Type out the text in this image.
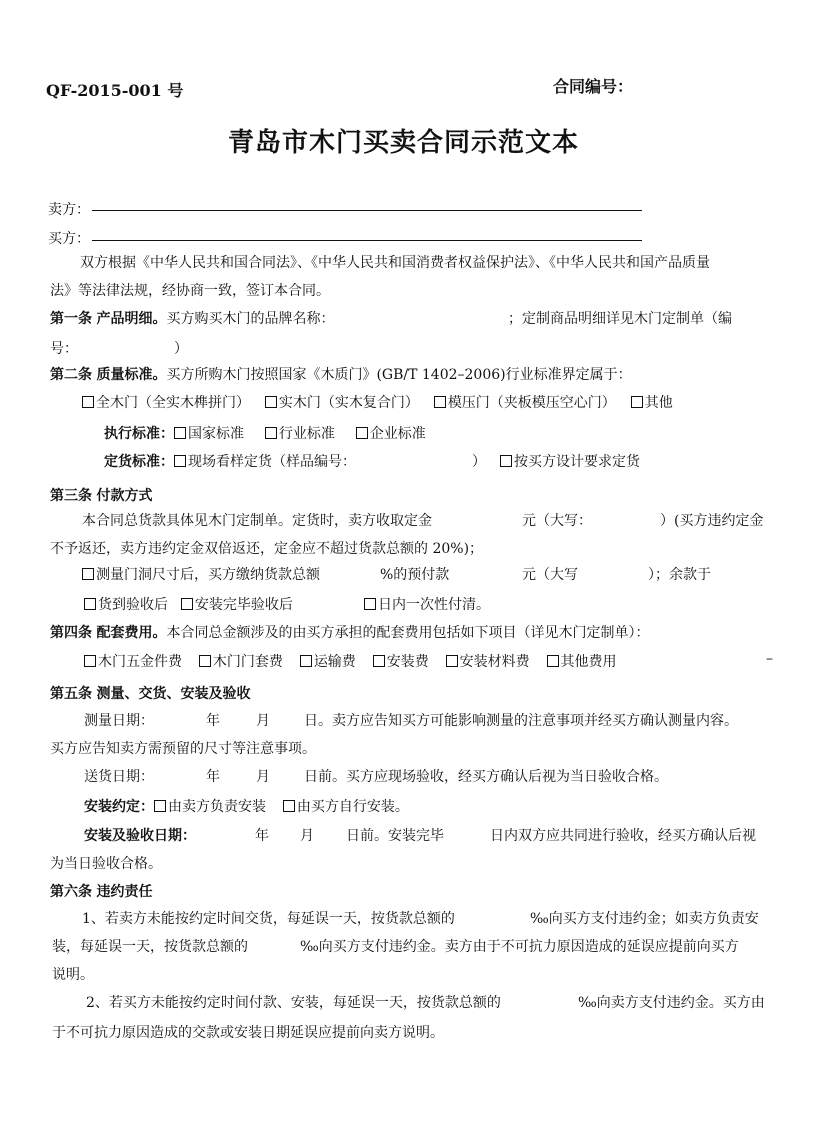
QF-2015-001 号	合同编号：
青岛市木门买卖合同示范文本
卖方：
买方：
双方根据《中华人民共和国合同法》、《中华人民共和国消费者权益保护法》、《中华人民共和国产品质量
法》等法律法规，经协商一致，签订本合同。
第一条 产品明细。买方购买木门的品牌名称：	；定制商品明细详见木门定制单（编
号：	）
第二条 质量标准。买方所购木门按照国家《木质门》(GB/T 1402–2006)行业标准界定属于：
全木门（全实木榫拼门） 实木门（实木复合门） 模压门（夹板模压空心门） 其他
执行标准： 国家标准 行业标准 企业标准
定货标准： 现场看样定货（样品编号：	）	按买方设计要求定货
第三条 付款方式
本合同总货款具体见木门定制单。定货时，卖方收取定金	元（大写：	）(买方违约定金
不予返还，卖方违约定金双倍返还，定金应不超过货款总额的 20%)；
测量门洞尺寸后，买方缴纳货款总额	%的预付款	元（大写	）；余款于
货到验收后 安装完毕验收后	日内一次性付清。
第四条 配套费用。本合同总金额涉及的由买方承担的配套费用包括如下项目（详见木门定制单）：
木门五金件费 木门门套费 运输费 安装费 安装材料费 其他费用	–
第五条 测量、交货、安装及验收
测量日期：	年	月 日。卖方应告知买方可能影响测量的注意事项并经买方确认测量内容。
买方应告知卖方需预留的尺寸等注意事项。
送货日期：	年	月 日前。买方应现场验收，经买方确认后视为当日验收合格。
安装约定： 由卖方负责安装 由买方自行安装。
安装及验收日期：	年 月 日前。安装完毕	日内双方应共同进行验收，经买方确认后视
为当日验收合格。
第六条 违约责任
1、若卖方未能按约定时间交货，每延误一天，按货款总额的	‰向买方支付违约金；如卖方负责安
装，每延误一天，按货款总额的	‰向买方支付违约金。卖方由于不可抗力原因造成的延误应提前向买方
说明。
2、若买方未能按约定时间付款、安装，每延误一天，按货款总额的	‰向卖方支付违约金。买方由
于不可抗力原因造成的交款或安装日期延误应提前向卖方说明。
